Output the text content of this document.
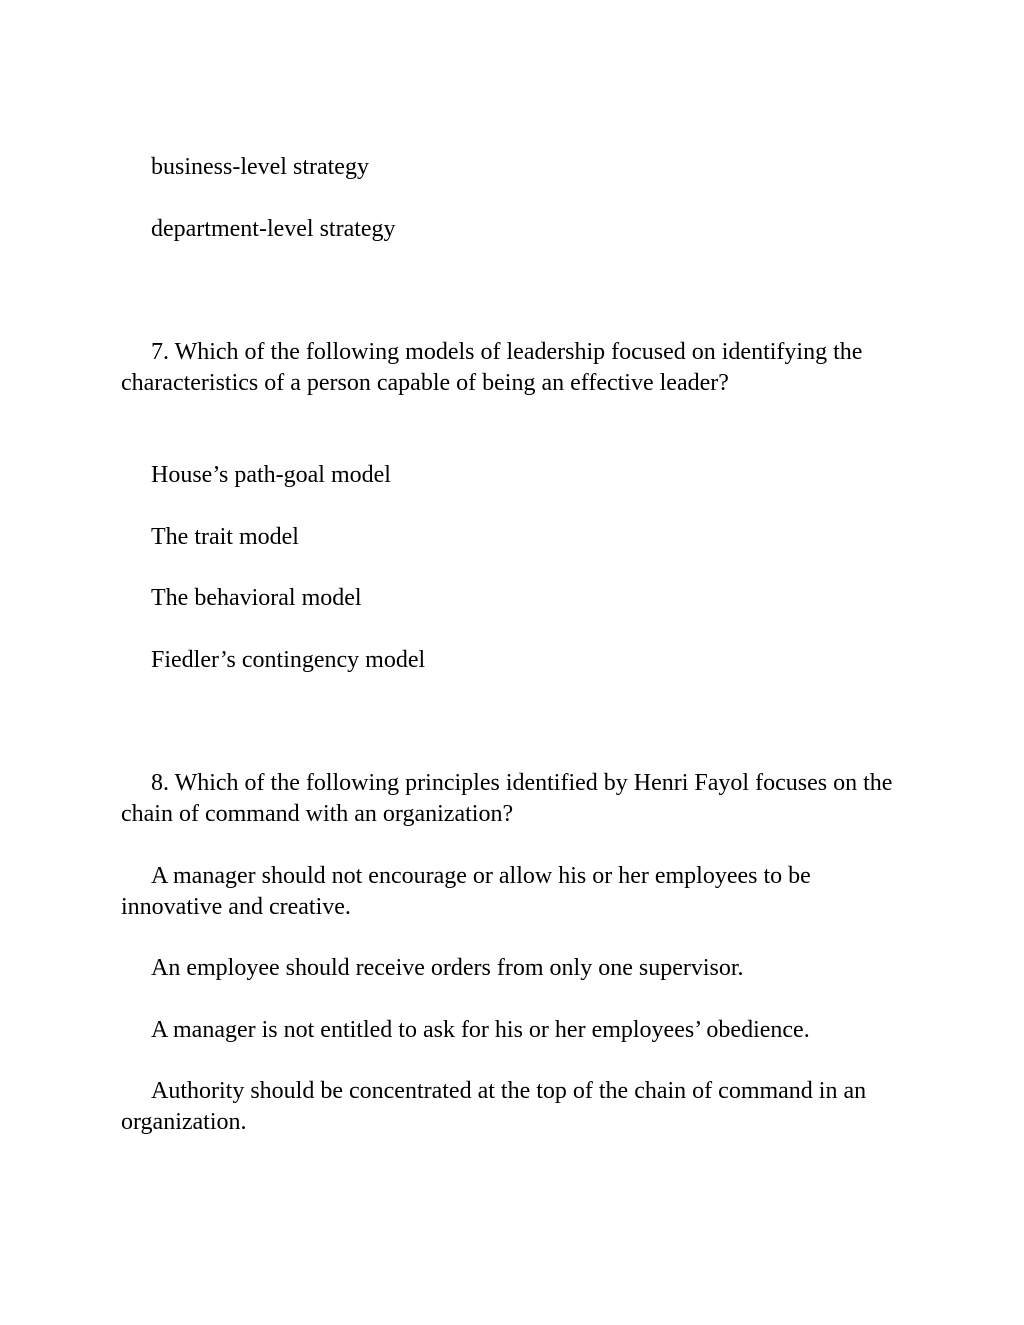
business-level strategy
department-level strategy
7. Which of the following models of leadership focused on identifying the characteristics of a person capable of being an effective leader?
House’s path-goal model
The trait model
The behavioral model
Fiedler’s contingency model
8. Which of the following principles identified by Henri Fayol focuses on the chain of command with an organization?
A manager should not encourage or allow his or her employees to be innovative and creative.
An employee should receive orders from only one supervisor.
A manager is not entitled to ask for his or her employees’ obedience.
Authority should be concentrated at the top of the chain of command in an organization.
